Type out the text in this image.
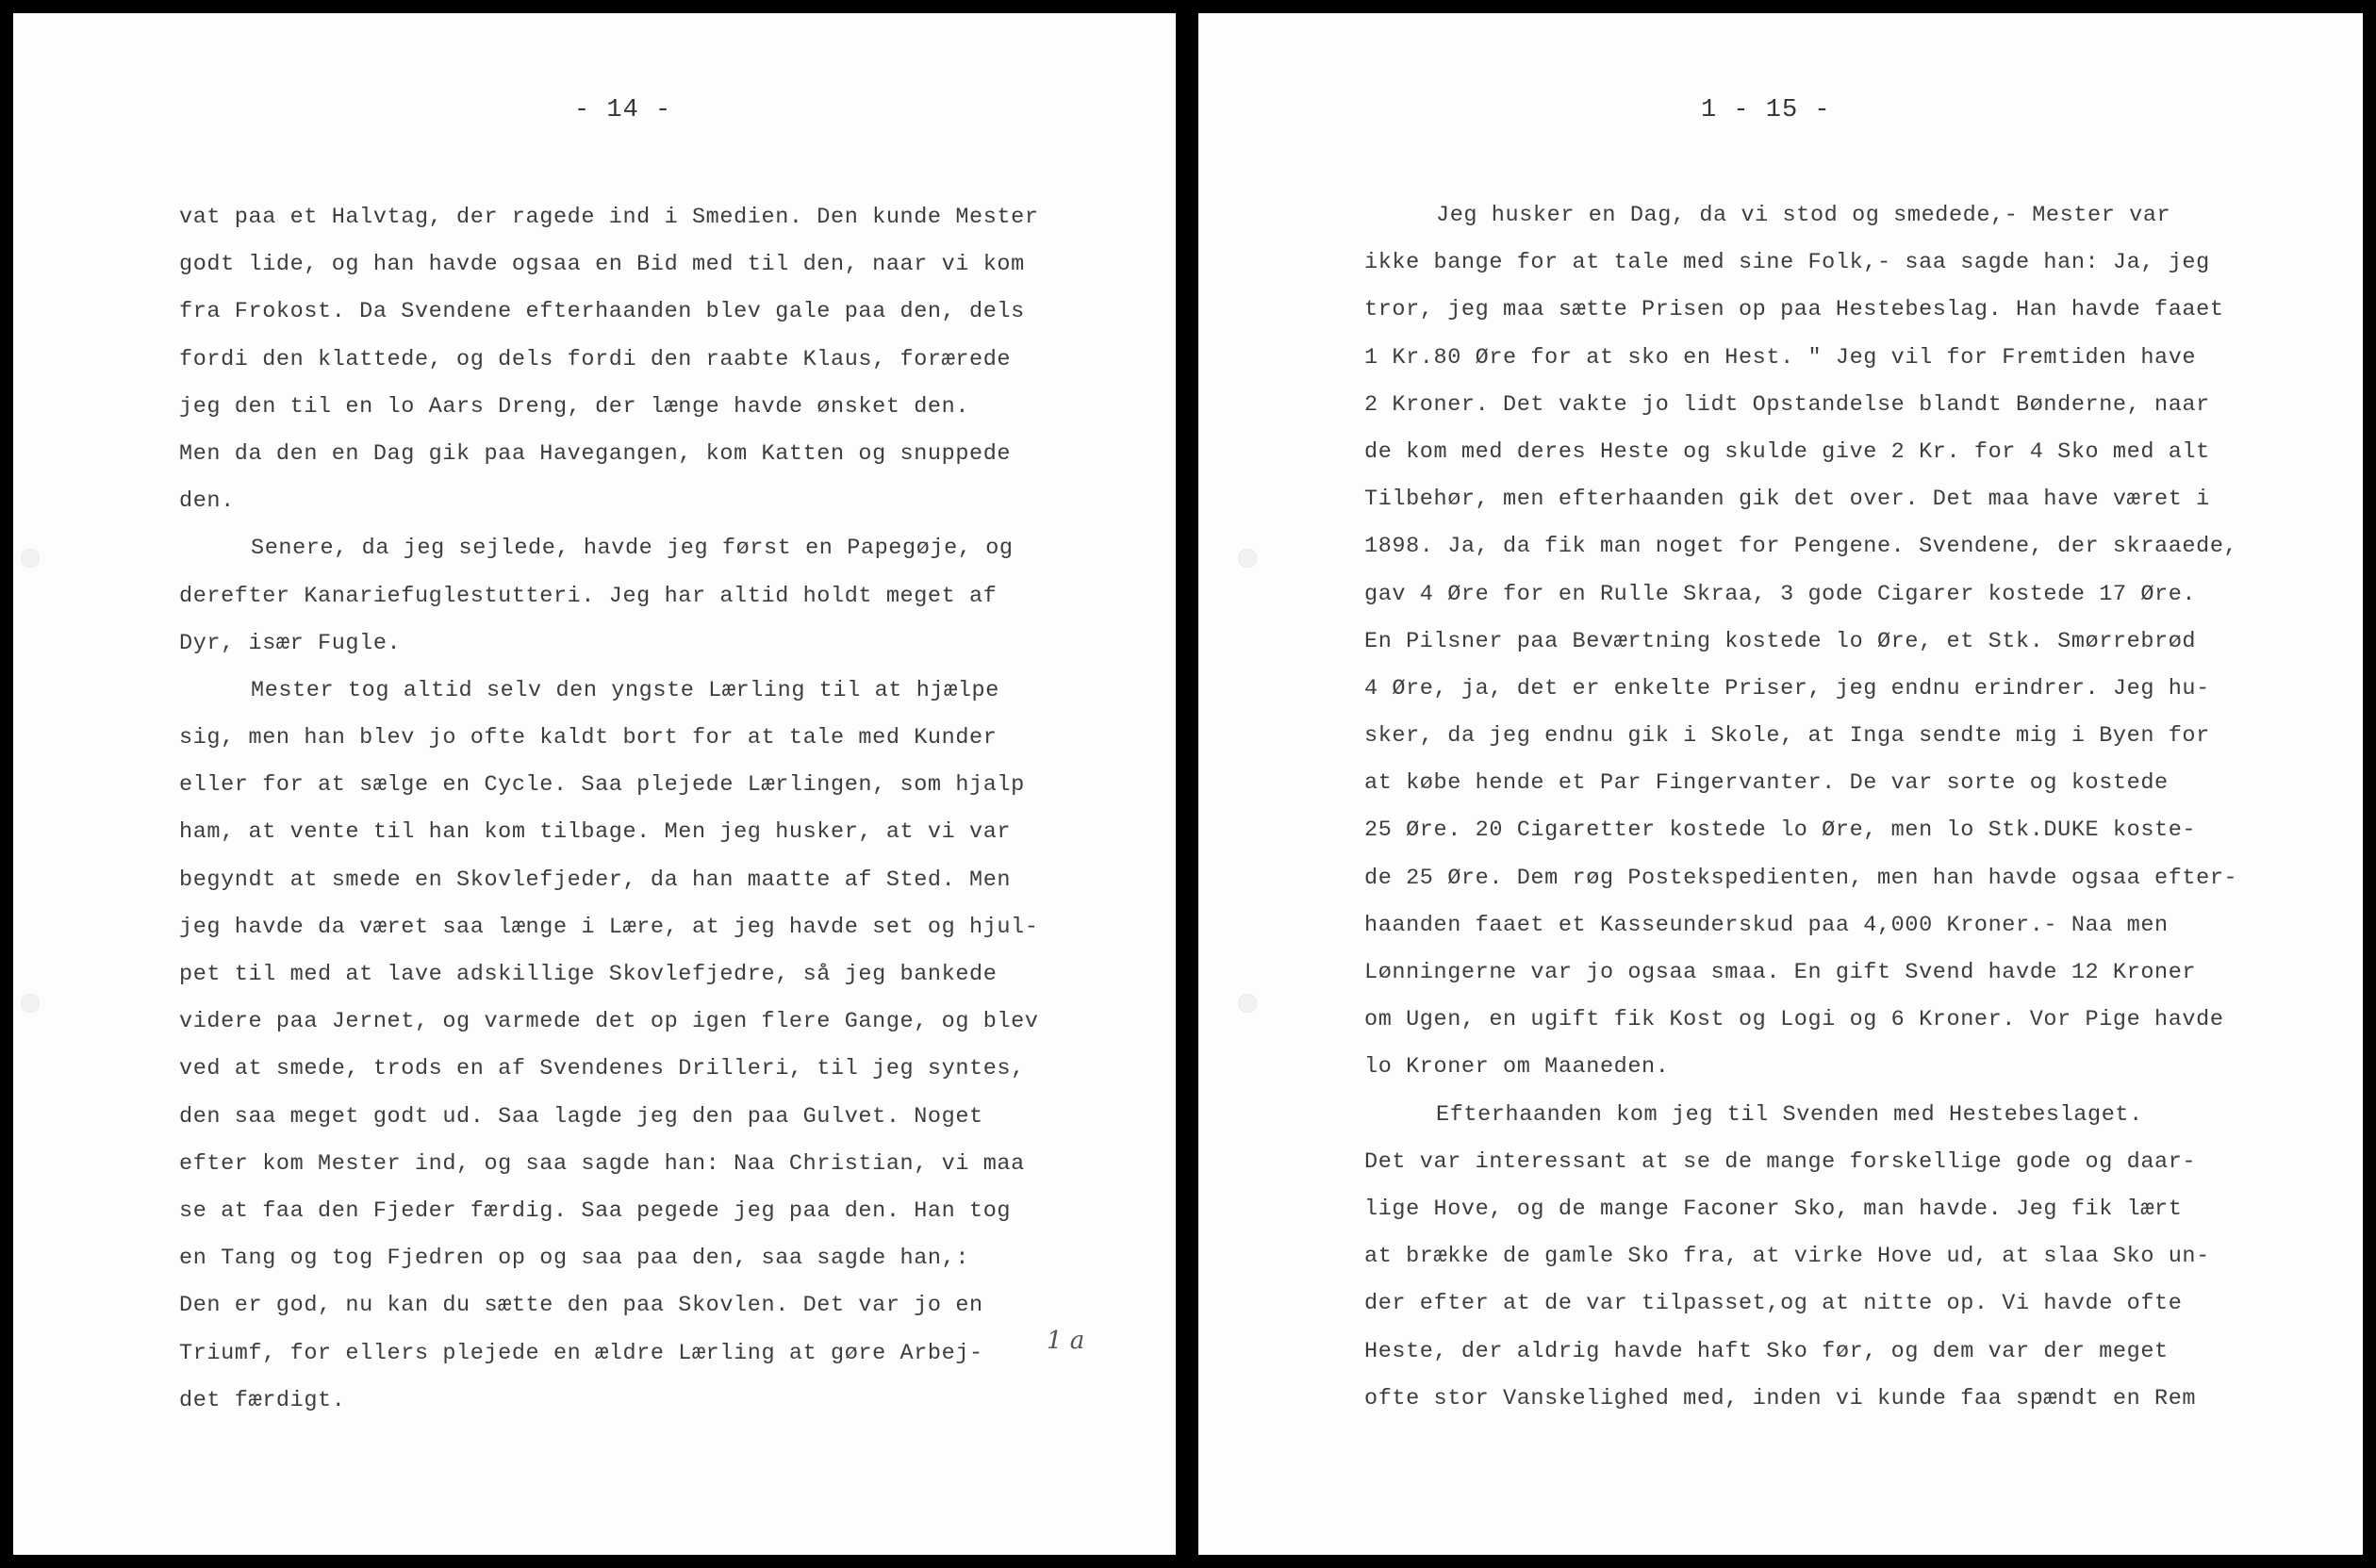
- 14 -
vat paa et Halvtag, der ragede ind i Smedien. Den kunde Mester
godt lide, og han havde ogsaa en Bid med til den, naar vi kom
fra Frokost. Da Svendene efterhaanden blev gale paa den, dels
fordi den klattede, og dels fordi den raabte Klaus, forærede
jeg den til en lo Aars Dreng, der længe havde ønsket den.
Men da den en Dag gik paa Havegangen, kom Katten og snuppede
den.
Senere, da jeg sejlede, havde jeg først en Papegøje, og
derefter Kanariefuglestutteri. Jeg har altid holdt meget af
Dyr, især Fugle.
Mester tog altid selv den yngste Lærling til at hjælpe
sig, men han blev jo ofte kaldt bort for at tale med Kunder
eller for at sælge en Cycle. Saa plejede Lærlingen, som hjalp
ham, at vente til han kom tilbage. Men jeg husker, at vi var
begyndt at smede en Skovlefjeder, da han maatte af Sted. Men
jeg havde da været saa længe i Lære, at jeg havde set og hjul-
pet til med at lave adskillige Skovlefjedre, så jeg bankede
videre paa Jernet, og varmede det op igen flere Gange, og blev
ved at smede, trods en af Svendenes Drilleri, til jeg syntes,
den saa meget godt ud. Saa lagde jeg den paa Gulvet. Noget
efter kom Mester ind, og saa sagde han: Naa Christian, vi maa
se at faa den Fjeder færdig. Saa pegede jeg paa den. Han tog
en Tang og tog Fjedren op og saa paa den, saa sagde han,:
Den er god, nu kan du sætte den paa Skovlen. Det var jo en
Triumf, for ellers plejede en ældre Lærling at gøre Arbej-
det færdigt.
1 a
1 - 15 -
Jeg husker en Dag, da vi stod og smedede,- Mester var
ikke bange for at tale med sine Folk,- saa sagde han: Ja, jeg
tror, jeg maa sætte Prisen op paa Hestebeslag. Han havde faaet
1 Kr.80 Øre for at sko en Hest. " Jeg vil for Fremtiden have
2 Kroner. Det vakte jo lidt Opstandelse blandt Bønderne, naar
de kom med deres Heste og skulde give 2 Kr. for 4 Sko med alt
Tilbehør, men efterhaanden gik det over. Det maa have været i
1898. Ja, da fik man noget for Pengene. Svendene, der skraaede,
gav 4 Øre for en Rulle Skraa, 3 gode Cigarer kostede 17 Øre.
En Pilsner paa Beværtning kostede lo Øre, et Stk. Smørrebrød
4 Øre, ja, det er enkelte Priser, jeg endnu erindrer. Jeg hu-
sker, da jeg endnu gik i Skole, at Inga sendte mig i Byen for
at købe hende et Par Fingervanter. De var sorte og kostede
25 Øre. 20 Cigaretter kostede lo Øre, men lo Stk.DUKE koste-
de 25 Øre. Dem røg Postekspedienten, men han havde ogsaa efter-
haanden faaet et Kasseunderskud paa 4,000 Kroner.- Naa men
Lønningerne var jo ogsaa smaa. En gift Svend havde 12 Kroner
om Ugen, en ugift fik Kost og Logi og 6 Kroner. Vor Pige havde
lo Kroner om Maaneden.
Efterhaanden kom jeg til Svenden med Hestebeslaget.
Det var interessant at se de mange forskellige gode og daar-
lige Hove, og de mange Faconer Sko, man havde. Jeg fik lært
at brække de gamle Sko fra, at virke Hove ud, at slaa Sko un-
der efter at de var tilpasset,og at nitte op. Vi havde ofte
Heste, der aldrig havde haft Sko før, og dem var der meget
ofte stor Vanskelighed med, inden vi kunde faa spændt en Rem
